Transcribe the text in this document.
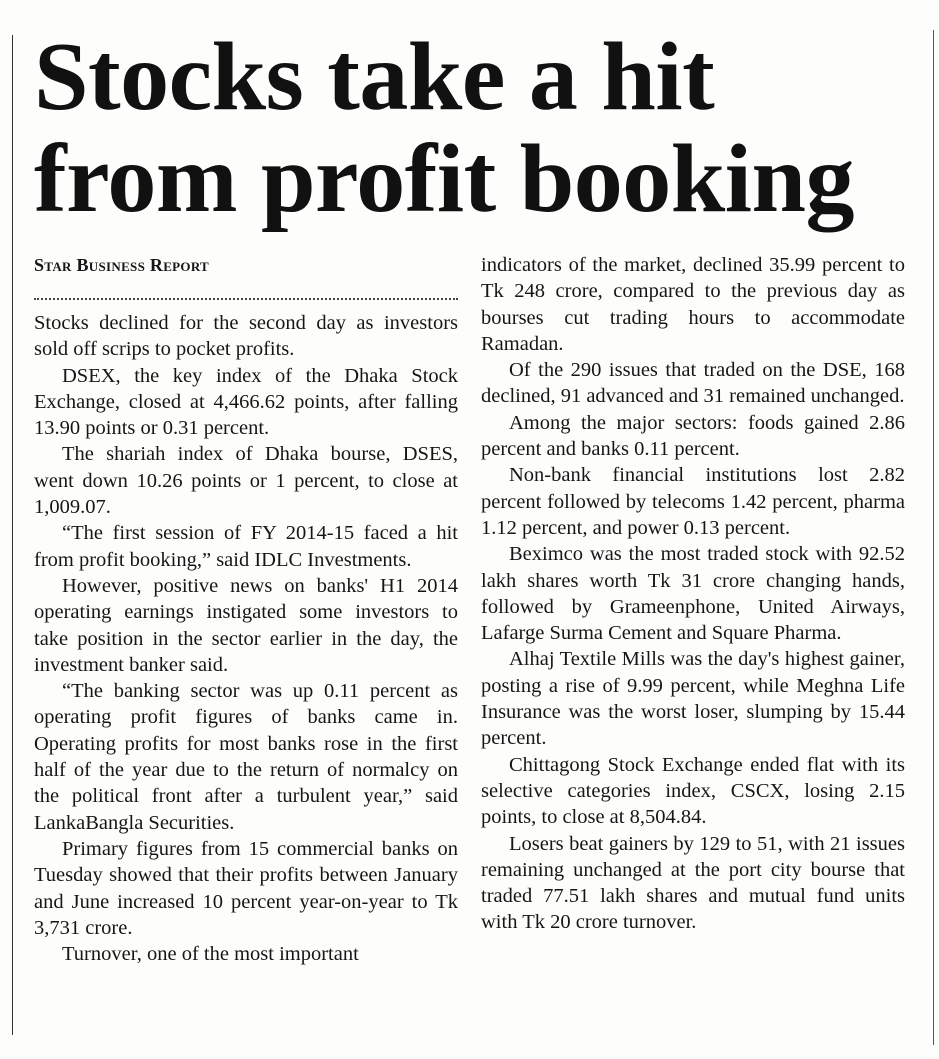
Stocks take a hit
from profit booking

Star Business Report

Stocks declined for the second day as investors sold off scrips to pocket profits.

DSEX, the key index of the Dhaka Stock Exchange, closed at 4,466.62 points, after falling 13.90 points or 0.31 percent.

The shariah index of Dhaka bourse, DSES, went down 10.26 points or 1 percent, to close at 1,009.07.

“The first session of FY 2014-15 faced a hit from profit booking,” said IDLC Investments.

However, positive news on banks' H1 2014 operating earnings instigated some investors to take position in the sector earlier in the day, the investment banker said.

“The banking sector was up 0.11 percent as operating profit figures of banks came in. Operating profits for most banks rose in the first half of the year due to the return of normalcy on the political front after a turbulent year,” said LankaBangla Securities.

Primary figures from 15 commercial banks on Tuesday showed that their profits between January and June increased 10 percent year-on-year to Tk 3,731 crore.

Turnover, one of the most important

indicators of the market, declined 35.99 percent to Tk 248 crore, compared to the previous day as bourses cut trading hours to accommodate Ramadan.

Of the 290 issues that traded on the DSE, 168 declined, 91 advanced and 31 remained unchanged.

Among the major sectors: foods gained 2.86 percent and banks 0.11 percent.

Non-bank financial institutions lost 2.82 percent followed by telecoms 1.42 percent, pharma 1.12 percent, and power 0.13 percent.

Beximco was the most traded stock with 92.52 lakh shares worth Tk 31 crore changing hands, followed by Grameenphone, United Airways, Lafarge Surma Cement and Square Pharma.

Alhaj Textile Mills was the day's highest gainer, posting a rise of 9.99 percent, while Meghna Life Insurance was the worst loser, slumping by 15.44 percent.

Chittagong Stock Exchange ended flat with its selective categories index, CSCX, losing 2.15 points, to close at 8,504.84.

Losers beat gainers by 129 to 51, with 21 issues remaining unchanged at the port city bourse that traded 77.51 lakh shares and mutual fund units with Tk 20 crore turnover.
